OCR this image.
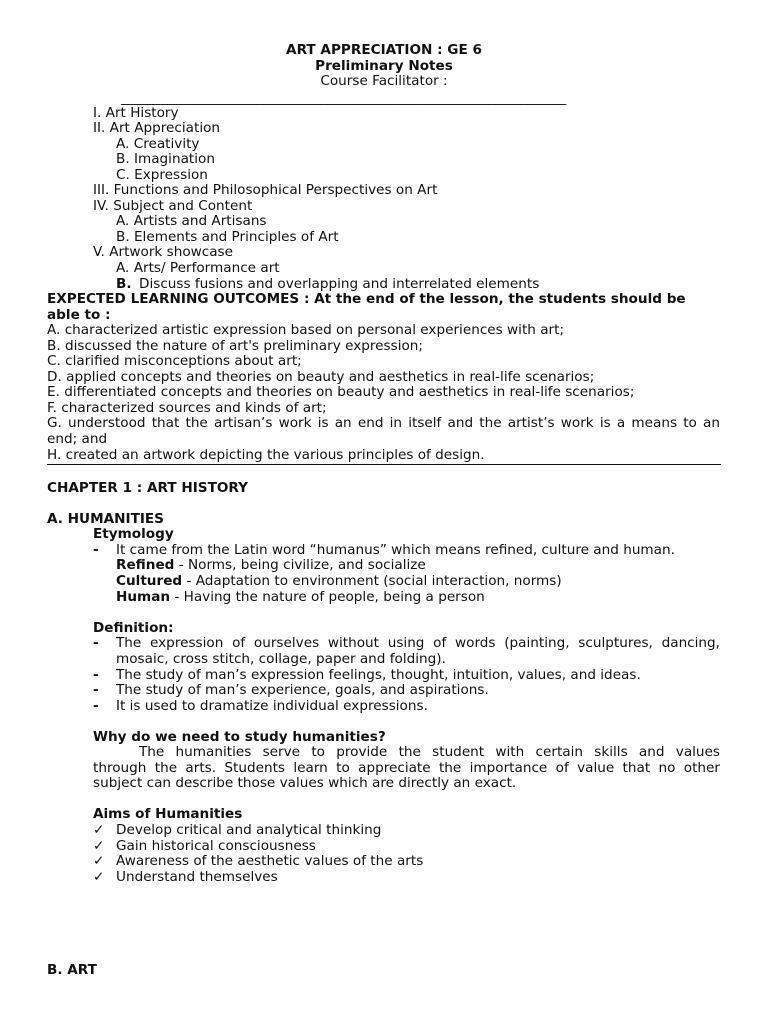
ART APPRECIATION : GE 6
Preliminary Notes
Course Facilitator :
_____________________________________________________________________
I. Art History
II. Art Appreciation
A. Creativity
B. Imagination
C. Expression
III. Functions and Philosophical Perspectives on Art
IV. Subject and Content
A. Artists and Artisans
B. Elements and Principles of Art
V. Artwork showcase
A. Arts/ Performance art
B. Discuss fusions and overlapping and interrelated elements
EXPECTED LEARNING OUTCOMES : At the end of the lesson, the students should be
able to :
A. characterized artistic expression based on personal experiences with art;
B. discussed the nature of art's preliminary expression;
C. clarified misconceptions about art;
D. applied concepts and theories on beauty and aesthetics in real-life scenarios;
E. differentiated concepts and theories on beauty and aesthetics in real-life scenarios;
F. characterized sources and kinds of art;
G. understood that the artisan’s work is an end in itself and the artist’s work is a means to an
end; and
H. created an artwork depicting the various principles of design.
CHAPTER 1 : ART HISTORY
A. HUMANITIES
Etymology
- It came from the Latin word “humanus” which means refined, culture and human.
Refined - Norms, being civilize, and socialize
Cultured - Adaptation to environment (social interaction, norms)
Human - Having the nature of people, being a person
Definition:
- The expression of ourselves without using of words (painting, sculptures, dancing,
mosaic, cross stitch, collage, paper and folding).
- The study of man’s expression feelings, thought, intuition, values, and ideas.
- The study of man’s experience, goals, and aspirations.
- It is used to dramatize individual expressions.
Why do we need to study humanities?
The humanities serve to provide the student with certain skills and values
through the arts. Students learn to appreciate the importance of value that no other
subject can describe those values which are directly an exact.
Aims of Humanities
✓ Develop critical and analytical thinking
✓ Gain historical consciousness
✓ Awareness of the aesthetic values of the arts
✓ Understand themselves
B. ART
